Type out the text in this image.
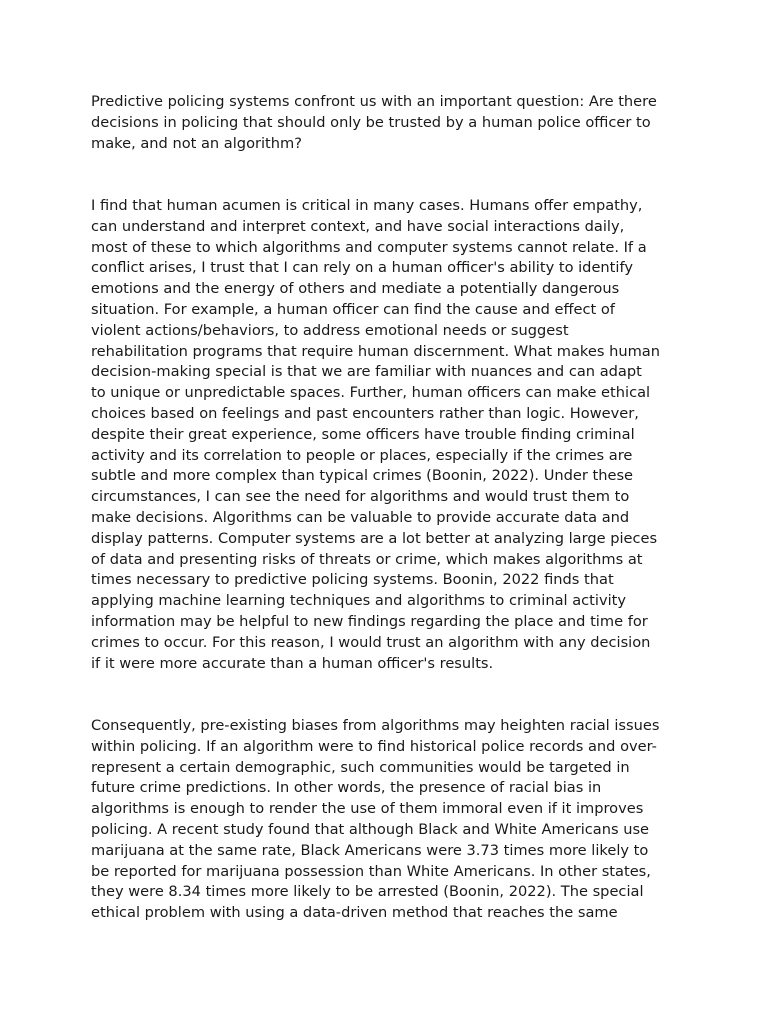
Predictive policing systems confront us with an important question: Are there
decisions in policing that should only be trusted by a human police officer to
make, and not an algorithm?

I find that human acumen is critical in many cases. Humans offer empathy,
can understand and interpret context, and have social interactions daily,
most of these to which algorithms and computer systems cannot relate. If a
conflict arises, I trust that I can rely on a human officer's ability to identify
emotions and the energy of others and mediate a potentially dangerous
situation. For example, a human officer can find the cause and effect of
violent actions/behaviors, to address emotional needs or suggest
rehabilitation programs that require human discernment. What makes human
decision-making special is that we are familiar with nuances and can adapt
to unique or unpredictable spaces. Further, human officers can make ethical
choices based on feelings and past encounters rather than logic. However,
despite their great experience, some officers have trouble finding criminal
activity and its correlation to people or places, especially if the crimes are
subtle and more complex than typical crimes (Boonin, 2022). Under these
circumstances, I can see the need for algorithms and would trust them to
make decisions. Algorithms can be valuable to provide accurate data and
display patterns. Computer systems are a lot better at analyzing large pieces
of data and presenting risks of threats or crime, which makes algorithms at
times necessary to predictive policing systems. Boonin, 2022 finds that
applying machine learning techniques and algorithms to criminal activity
information may be helpful to new findings regarding the place and time for
crimes to occur. For this reason, I would trust an algorithm with any decision
if it were more accurate than a human officer's results.

Consequently, pre-existing biases from algorithms may heighten racial issues
within policing. If an algorithm were to find historical police records and over-
represent a certain demographic, such communities would be targeted in
future crime predictions. In other words, the presence of racial bias in
algorithms is enough to render the use of them immoral even if it improves
policing. A recent study found that although Black and White Americans use
marijuana at the same rate, Black Americans were 3.73 times more likely to
be reported for marijuana possession than White Americans. In other states,
they were 8.34 times more likely to be arrested (Boonin, 2022). The special
ethical problem with using a data-driven method that reaches the same
